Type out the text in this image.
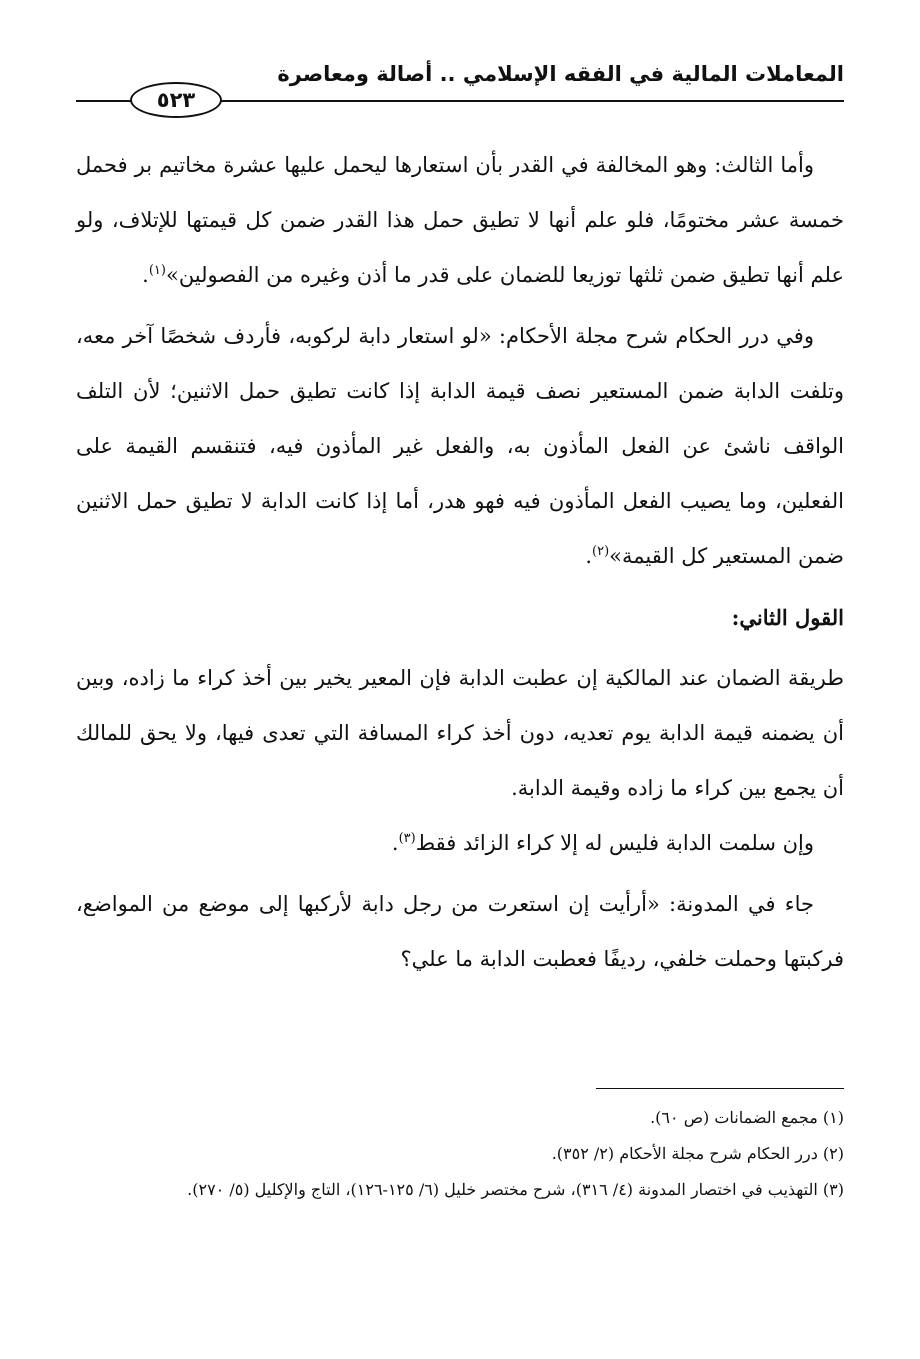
المعاملات المالية في الفقه الإسلامي .. أصالة ومعاصرة
٥٢٣

وأما الثالث: وهو المخالفة في القدر بأن استعارها ليحمل عليها عشرة مخاتيم بر فحمل خمسة عشر مختومًا، فلو علم أنها لا تطيق حمل هذا القدر ضمن كل قيمتها للإتلاف، ولو علم أنها تطيق ضمن ثلثها توزيعا للضمان على قدر ما أذن وغيره من الفصولين»$^{(١)}$.

وفي درر الحكام شرح مجلة الأحكام: «لو استعار دابة لركوبه، فأردف شخصًا آخر معه، وتلفت الدابة ضمن المستعير نصف قيمة الدابة إذا كانت تطيق حمل الاثنين؛ لأن التلف الواقف ناشئ عن الفعل المأذون به، والفعل غير المأذون فيه، فتنقسم القيمة على الفعلين، وما يصيب الفعل المأذون فيه فهو هدر، أما إذا كانت الدابة لا تطيق حمل الاثنين ضمن المستعير كل القيمة»$^{(٢)}$.

القول الثاني:

طريقة الضمان عند المالكية إن عطبت الدابة فإن المعير يخير بين أخذ كراء ما زاده، وبين أن يضمنه قيمة الدابة يوم تعديه، دون أخذ كراء المسافة التي تعدى فيها، ولا يحق للمالك أن يجمع بين كراء ما زاده وقيمة الدابة.

وإن سلمت الدابة فليس له إلا كراء الزائد فقط$^{(٣)}$.

جاء في المدونة: «أرأيت إن استعرت من رجل دابة لأركبها إلى موضع من المواضع، فركبتها وحملت خلفي، رديفًا فعطبت الدابة ما علي؟

(١) مجمع الضمانات (ص ٦٠).

(٢) درر الحكام شرح مجلة الأحكام (٢/ ٣٥٢).

(٣) التهذيب في اختصار المدونة (٤/ ٣١٦)، شرح مختصر خليل (٦/ ١٢٥-١٢٦)، التاج والإكليل (٥/ ٢٧٠).
